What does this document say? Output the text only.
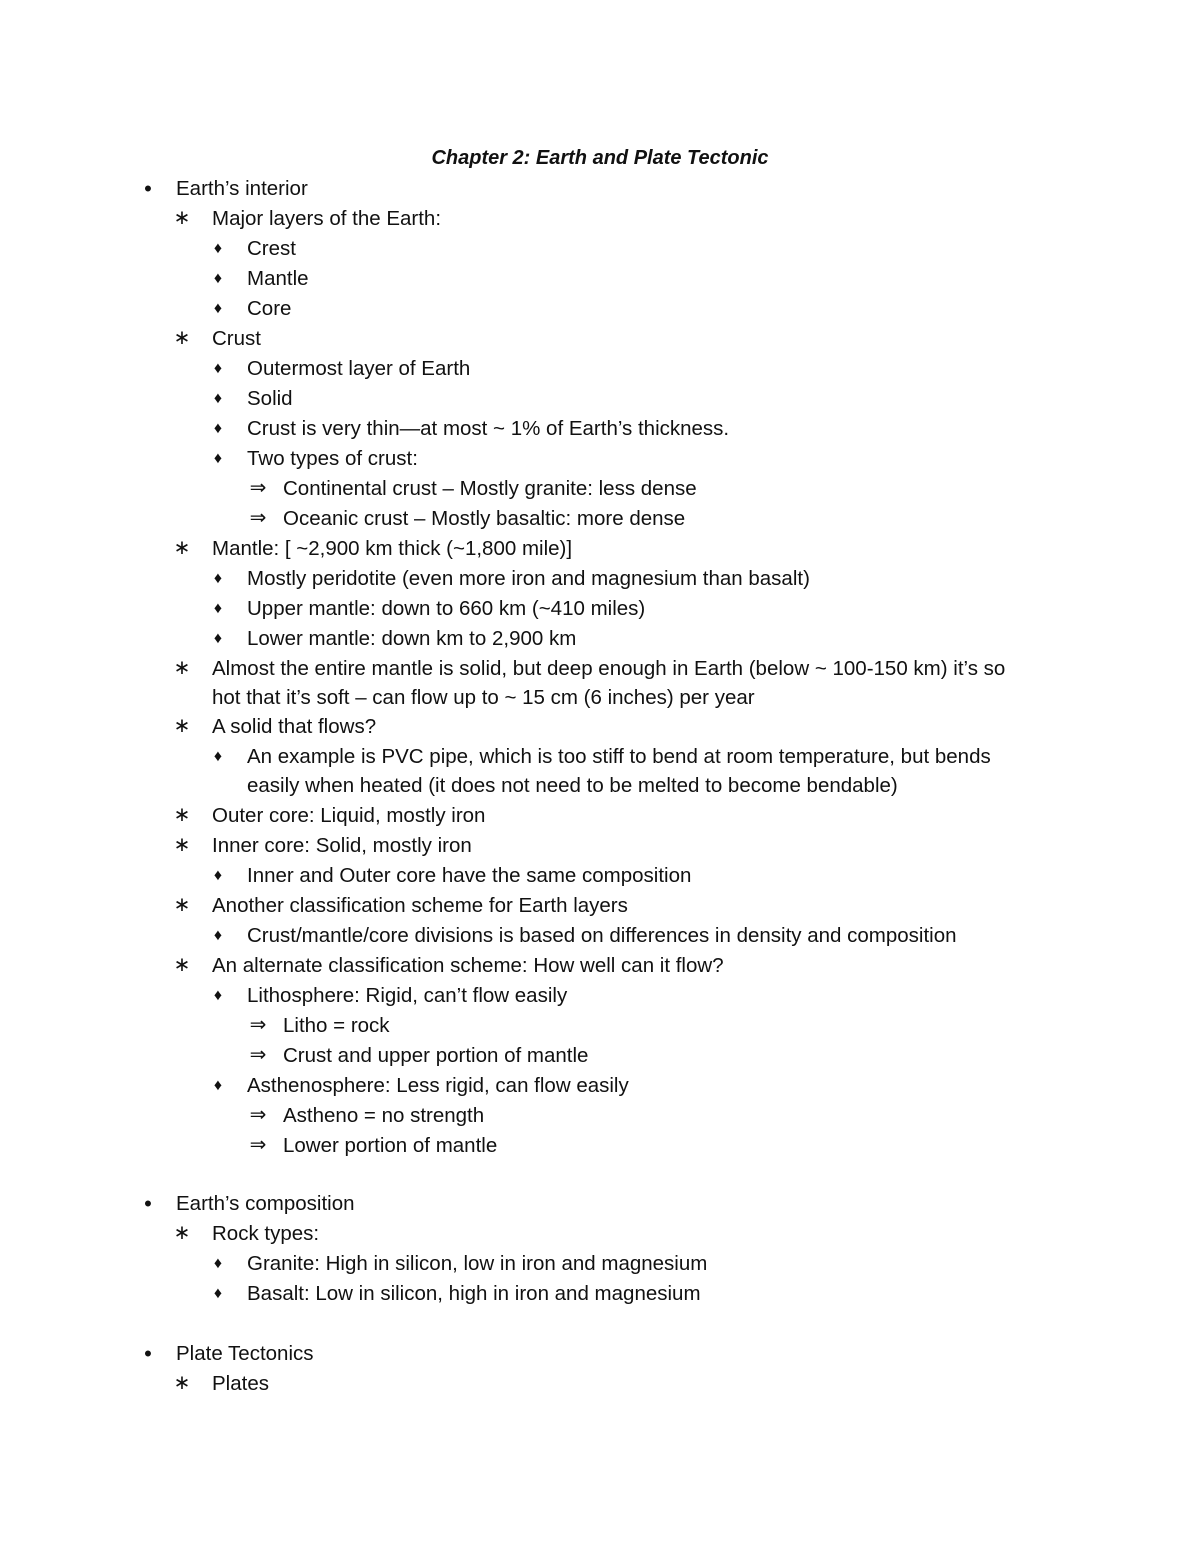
Chapter 2: Earth and Plate Tectonic
•	Earth’s interior
∗ Major layers of the Earth:
♦	Crest
♦	Mantle
♦	Core
∗ Crust
♦	Outermost layer of Earth
♦	Solid
♦	Crust is very thin—at most ~ 1% of Earth’s thickness.
♦	Two types of crust:
⇒ Continental crust – Mostly granite: less dense
⇒ Oceanic crust – Mostly basaltic: more dense
∗ Mantle: [ ~2,900 km thick (~1,800 mile)]
♦	Mostly peridotite (even more iron and magnesium than basalt)
♦	Upper mantle: down to 660 km (~410 miles)
♦	Lower mantle: down km to 2,900 km
∗ Almost the entire mantle is solid, but deep enough in Earth (below ~ 100-150 km) it’s so
hot that it’s soft – can flow up to ~ 15 cm (6 inches) per year
∗ A solid that flows?
♦	An example is PVC pipe, which is too stiff to bend at room temperature, but bends
easily when heated (it does not need to be melted to become bendable)
∗ Outer core: Liquid, mostly iron
∗ Inner core: Solid, mostly iron
♦	Inner and Outer core have the same composition
∗ Another classification scheme for Earth layers
♦	Crust/mantle/core divisions is based on differences in density and composition
∗ An alternate classification scheme: How well can it flow?
♦	Lithosphere: Rigid, can’t flow easily
⇒ Litho = rock
⇒ Crust and upper portion of mantle
♦	Asthenosphere: Less rigid, can flow easily
⇒ Astheno = no strength
⇒ Lower portion of mantle
•	Earth’s composition
∗ Rock types:
♦	Granite: High in silicon, low in iron and magnesium
♦	Basalt: Low in silicon, high in iron and magnesium
•	Plate Tectonics
∗ Plates
